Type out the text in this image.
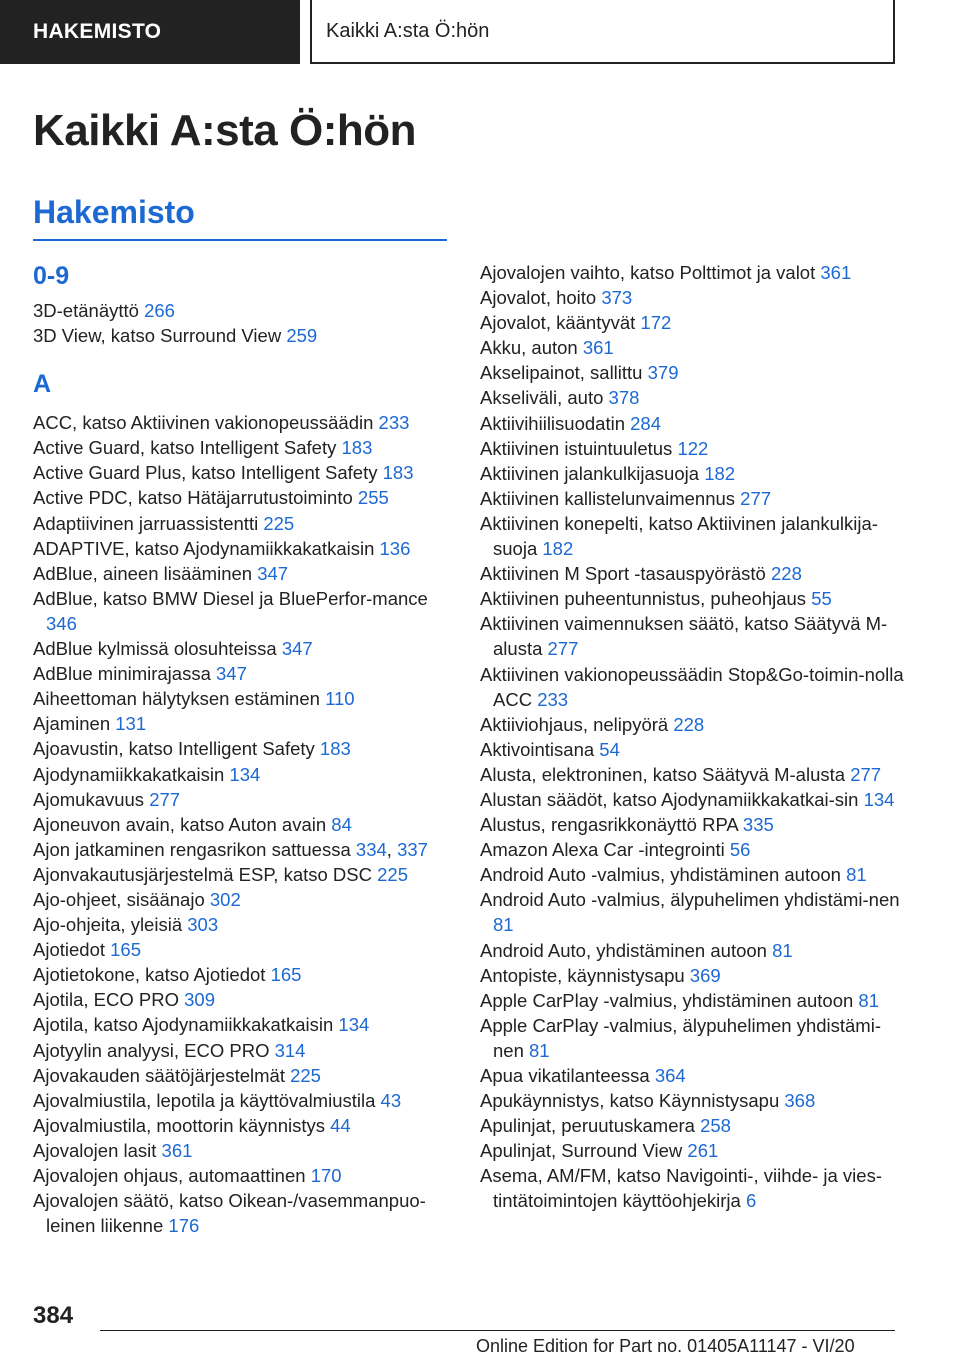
HAKEMISTO	Kaikki A:sta Ö:hön
Kaikki A:sta Ö:hön
Hakemisto
0-9
3D-etänäyttö 266
3D View, katso Surround View 259
A
ACC, katso Aktiivinen vakionopeussäädin 233
Active Guard, katso Intelligent Safety 183
Active Guard Plus, katso Intelligent Safety 183
Active PDC, katso Hätäjarrutustoiminto 255
Adaptiivinen jarruassistentti 225
ADAPTIVE, katso Ajodynamiikkakatkaisin 136
AdBlue, aineen lisääminen 347
AdBlue, katso BMW Diesel ja BluePerfor-mance 346
AdBlue kylmissä olosuhteissa 347
AdBlue minimirajassa 347
Aiheettoman hälytyksen estäminen 110
Ajaminen 131
Ajoavustin, katso Intelligent Safety 183
Ajodynamiikkakatkaisin 134
Ajomukavuus 277
Ajoneuvon avain, katso Auton avain 84
Ajon jatkaminen rengasrikon sattuessa 334, 337
Ajonvakautusjärjestelmä ESP, katso DSC 225
Ajo-ohjeet, sisäänajo 302
Ajo-ohjeita, yleisiä 303
Ajotiedot 165
Ajotietokone, katso Ajotiedot 165
Ajotila, ECO PRO 309
Ajotila, katso Ajodynamiikkakatkaisin 134
Ajotyylin analyysi, ECO PRO 314
Ajovakauden säätöjärjestelmät 225
Ajovalmiustila, lepotila ja käyttövalmiustila 43
Ajovalmiustila, moottorin käynnistys 44
Ajovalojen lasit 361
Ajovalojen ohjaus, automaattinen 170
Ajovalojen säätö, katso Oikean-/vasemmanpuo-leinen liikenne 176
Ajovalojen vaihto, katso Polttimot ja valot 361
Ajovalot, hoito 373
Ajovalot, kääntyvät 172
Akku, auton 361
Akselipainot, sallittu 379
Akseliväli, auto 378
Aktiivihiilisuodatin 284
Aktiivinen istuintuuletus 122
Aktiivinen jalankulkijasuoja 182
Aktiivinen kallistelunvaimennus 277
Aktiivinen konepelti, katso Aktiivinen jalankulkija-suoja 182
Aktiivinen M Sport -tasauspyörästö 228
Aktiivinen puheentunnistus, puheohjaus 55
Aktiivinen vaimennuksen säätö, katso Säätyvä M-alusta 277
Aktiivinen vakionopeussäädin Stop&Go-toimin-nolla ACC 233
Aktiiviohjaus, nelipyörä 228
Aktivointisana 54
Alusta, elektroninen, katso Säätyvä M-alusta 277
Alustan säädöt, katso Ajodynamiikkakatkai-sin 134
Alustus, rengasrikkonäyttö RPA 335
Amazon Alexa Car -integrointi 56
Android Auto -valmius, yhdistäminen autoon 81
Android Auto -valmius, älypuhelimen yhdistämi-nen 81
Android Auto, yhdistäminen autoon 81
Antopiste, käynnistysapu 369
Apple CarPlay -valmius, yhdistäminen autoon 81
Apple CarPlay -valmius, älypuhelimen yhdistämi-nen 81
Apua vikatilanteessa 364
Apukäynnistys, katso Käynnistysapu 368
Apulinjat, peruutuskamera 258
Apulinjat, Surround View 261
Asema, AM/FM, katso Navigointi-, viihde- ja vies-tintätoimintojen käyttöohjekirja 6
384
Online Edition for Part no. 01405A11147 - VI/20
